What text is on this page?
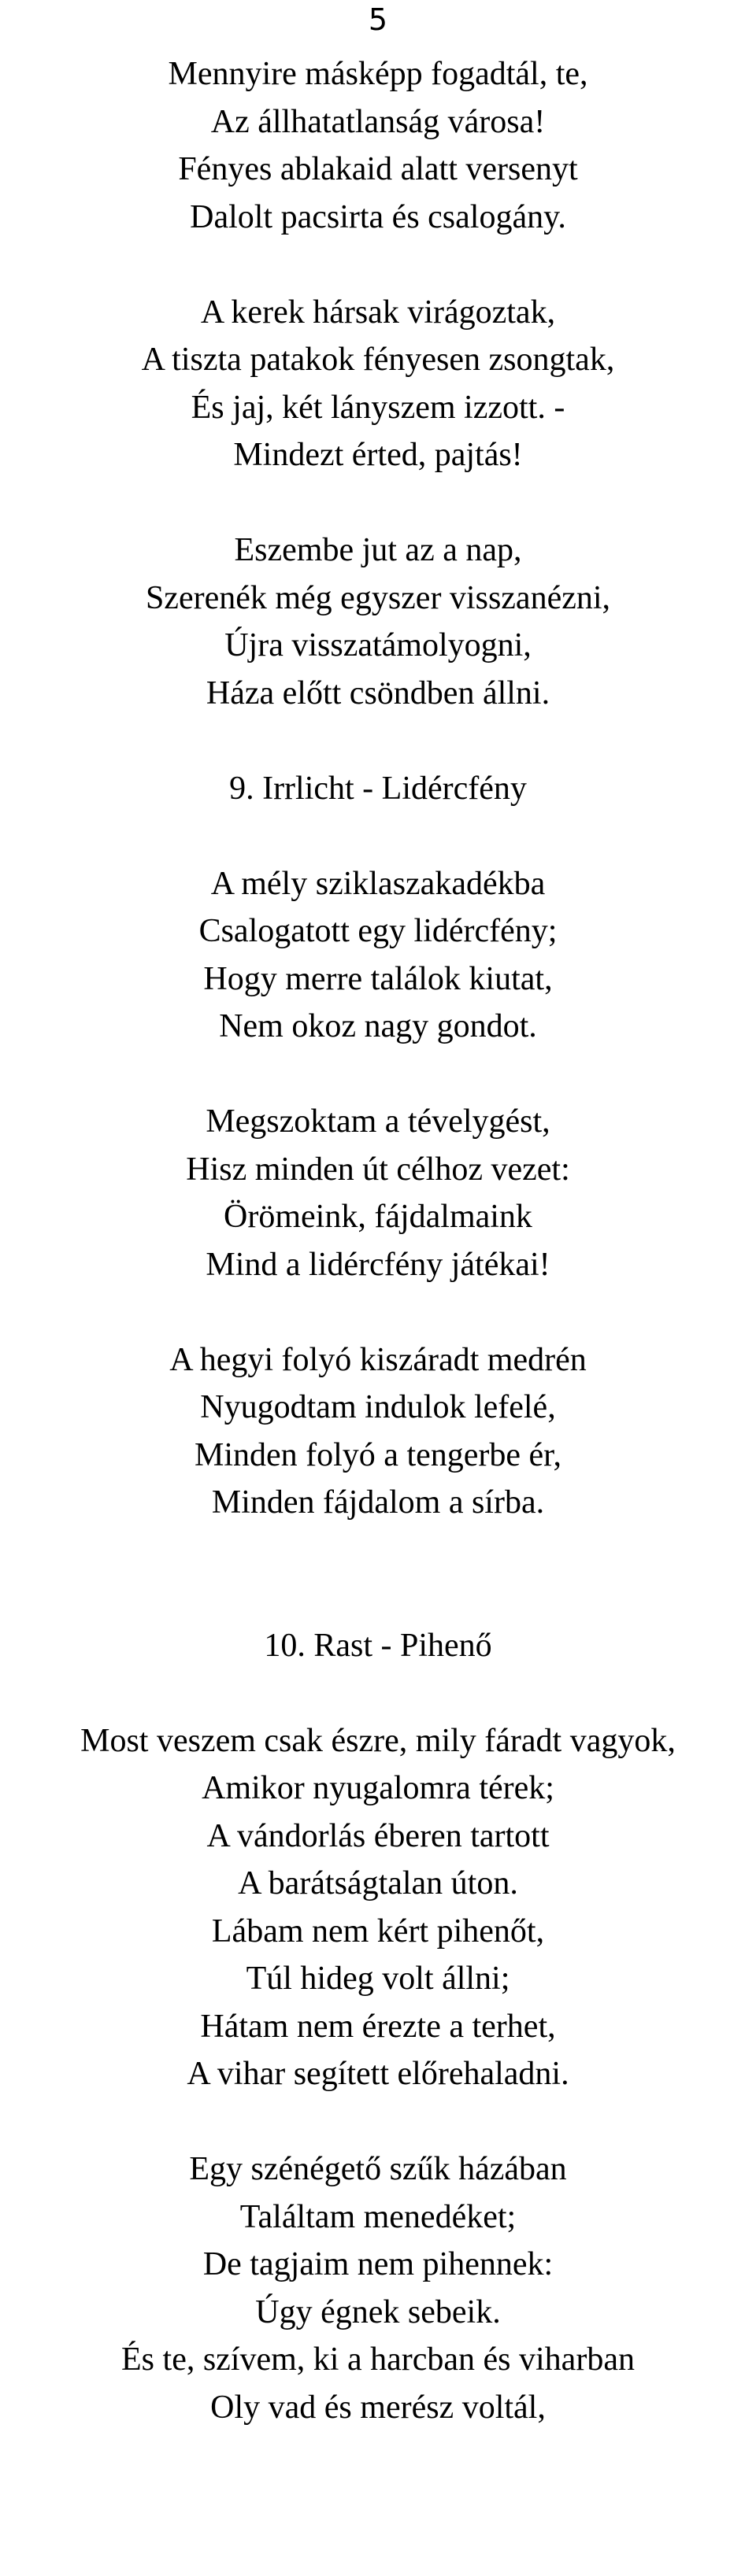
5
Mennyire másképp fogadtál, te,
Az állhatatlanság városa!
Fényes ablakaid alatt versenyt
Dalolt pacsirta és csalogány.
A kerek hársak virágoztak,
A tiszta patakok fényesen zsongtak,
És jaj, két lányszem izzott. -
Mindezt érted, pajtás!
Eszembe jut az a nap,
Szerenék még egyszer visszanézni,
Újra visszatámolyogni,
Háza előtt csöndben állni.
9. Irrlicht - Lidércfény
A mély sziklaszakadékba
Csalogatott egy lidércfény;
Hogy merre találok kiutat,
Nem okoz nagy gondot.
Megszoktam a tévelygést,
Hisz minden út célhoz vezet:
Örömeink, fájdalmaink
Mind a lidércfény játékai!
A hegyi folyó kiszáradt medrén
Nyugodtam indulok lefelé,
Minden folyó a tengerbe ér,
Minden fájdalom a sírba.
10. Rast - Pihenő
Most veszem csak észre, mily fáradt vagyok,
Amikor nyugalomra térek;
A vándorlás éberen tartott
A barátságtalan úton.
Lábam nem kért pihenőt,
Túl hideg volt állni;
Hátam nem érezte a terhet,
A vihar segített előrehaladni.
Egy szénégető szűk házában
Találtam menedéket;
De tagjaim nem pihennek:
Úgy égnek sebeik.
És te, szívem, ki a harcban és viharban
Oly vad és merész voltál,
